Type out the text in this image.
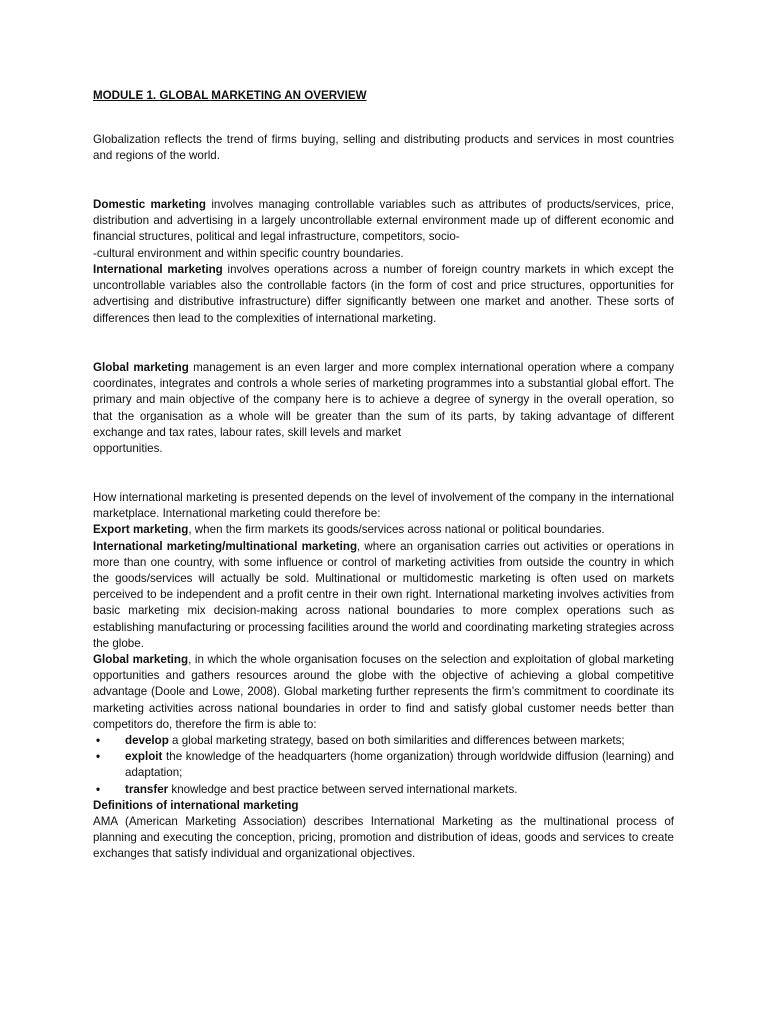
MODULE 1. GLOBAL MARKETING AN OVERVIEW
Globalization reflects the trend of firms buying, selling and distributing products and services in most countries and regions of the world.
Domestic marketing involves managing controllable variables such as attributes of products/services, price, distribution and advertising in a largely uncontrollable external environment made up of different economic and financial structures, political and legal infrastructure, competitors, socio-
-cultural environment and within specific country boundaries.
International marketing involves operations across a number of foreign country markets in which except the uncontrollable variables also the controllable factors (in the form of cost and price structures, opportunities for advertising and distributive infrastructure) differ significantly between one market and another. These sorts of differences then lead to the complexities of international marketing.
Global marketing management is an even larger and more complex international operation where a company coordinates, integrates and controls a whole series of marketing programmes into a substantial global effort. The primary and main objective of the company here is to achieve a degree of synergy in the overall operation, so that the organisation as a whole will be greater than the sum of its parts, by taking advantage of different exchange and tax rates, labour rates, skill levels and market
opportunities.
How international marketing is presented depends on the level of involvement of the company in the international marketplace. International marketing could therefore be:
Export marketing, when the firm markets its goods/services across national or political boundaries.
International marketing/multinational marketing, where an organisation carries out activities or operations in more than one country, with some influence or control of marketing activities from outside the country in which the goods/services will actually be sold. Multinational or multidomestic marketing is often used on markets perceived to be independent and a profit centre in their own right. International marketing involves activities from basic marketing mix decision-making across national boundaries to more complex operations such as establishing manufacturing or processing facilities around the world and coordinating marketing strategies across the globe.
Global marketing, in which the whole organisation focuses on the selection and exploitation of global marketing opportunities and gathers resources around the globe with the objective of achieving a global competitive advantage (Doole and Lowe, 2008). Global marketing further represents the firm’s commitment to coordinate its marketing activities across national boundaries in order to find and satisfy global customer needs better than competitors do, therefore the firm is able to:
• develop a global marketing strategy, based on both similarities and differences between markets;
• exploit the knowledge of the headquarters (home organization) through worldwide diffusion (learning) and adaptation;
• transfer knowledge and best practice between served international markets.
Definitions of international marketing
AMA (American Marketing Association) describes International Marketing as the multinational process of planning and executing the conception, pricing, promotion and distribution of ideas, goods and services to create exchanges that satisfy individual and organizational objectives.
